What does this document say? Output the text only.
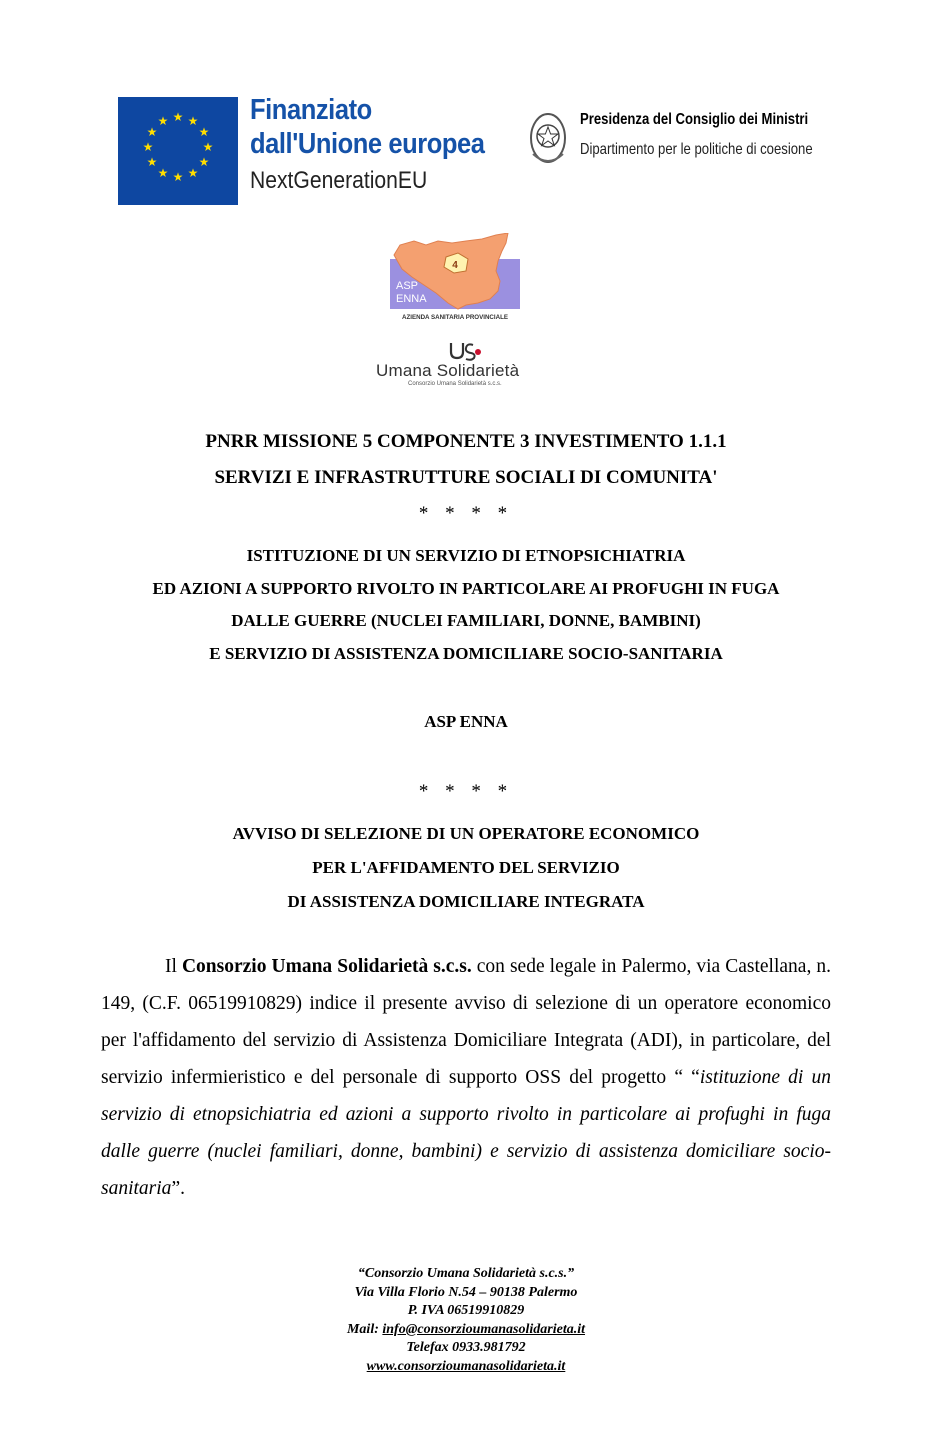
★ ★
★
★
★
★
★
★
★
★
★
★	Finanziato
dall'Unione europea
NextGenerationEU
Presidenza del Consiglio dei Ministri
Dipartimento per le politiche di coesione
4
ASP
ENNA
AZIENDA SANITARIA PROVINCIALE
Umana Solidarietà
Consorzio Umana Solidarietà s.c.s.
PNRR MISSIONE 5 COMPONENTE 3 INVESTIMENTO 1.1.1
SERVIZI E INFRASTRUTTURE SOCIALI DI COMUNITA'
* * * *
ISTITUZIONE DI UN SERVIZIO DI ETNOPSICHIATRIA
ED AZIONI A SUPPORTO RIVOLTO IN PARTICOLARE AI PROFUGHI IN FUGA
DALLE GUERRE (NUCLEI FAMILIARI, DONNE, BAMBINI)
E SERVIZIO DI ASSISTENZA DOMICILIARE SOCIO-SANITARIA
ASP ENNA
* * * *
AVVISO DI SELEZIONE DI UN OPERATORE ECONOMICO
PER L'AFFIDAMENTO DEL SERVIZIO
DI ASSISTENZA DOMICILIARE INTEGRATA

Il Consorzio Umana Solidarietà s.c.s. con sede legale in Palermo, via Castellana, n. 149, (C.F. 06519910829) indice il presente avviso di selezione di un operatore economico per l'affidamento del servizio di Assistenza Domiciliare Integrata (ADI), in particolare, del servizio infermieristico e del personale di supporto OSS del progetto “ “istituzione di un servizio di etnopsichiatria ed azioni a supporto rivolto in particolare ai profughi in fuga dalle guerre (nuclei familiari, donne, bambini) e servizio di assistenza domiciliare socio-sanitaria”.

“Consorzio Umana Solidarietà s.c.s.”
Via Villa Florio N.54 – 90138 Palermo
P. IVA 06519910829
Mail: info@consorzioumanasolidarieta.it
Telefax 0933.981792
www.consorzioumanasolidarieta.it
